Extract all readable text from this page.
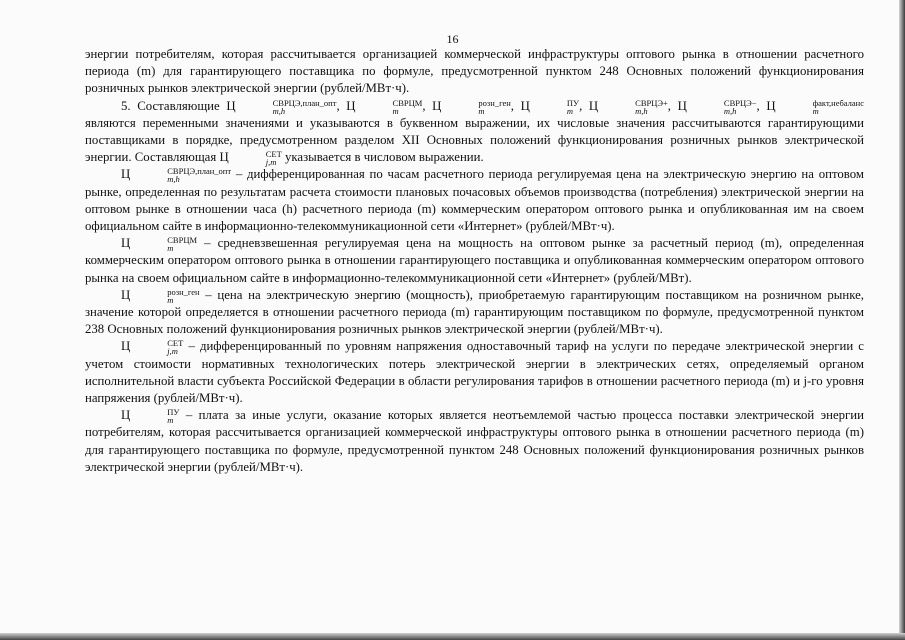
16

энергии потребителям, которая рассчитывается организацией коммерческой инфраструктуры оптового рынка в отношении расчетного периода (m) для гарантирующего поставщика по формуле, предусмотренной пунктом 248 Основных положений функционирования розничных рынков электрической энергии (рублей/МВт·ч).

5. Составляющие Ц	СВРЦЭ,план_опт
m,h	, Ц	СВРЦМ
m	, Ц	розн_ген
m	, Ц	ПУ
m , Ц	СВРЦЭ+
m,h	, Ц	СВРЦЭ−
m,h	, Ц	факт,небаланс
m
являются переменными значениями и указываются в буквенном выражении, их числовые значения рассчитываются гарантирующими поставщиками в порядке, предусмотренном разделом XII Основных положений функционирования розничных рынков электрической энергии. Составляющая Ц	СЕТ
j,m указывается в числовом выражении.

Ц	СВРЦЭ,план_опт
m,h	– дифференцированная по часам расчетного периода регулируемая цена на электрическую энергию на оптовом рынке, определенная по результатам расчета стоимости плановых почасовых объемов производства (потребления) электрической энергии на оптовом рынке в отношении часа (h) расчетного периода (m) коммерческим оператором оптового рынка и опубликованная им на своем официальном сайте в информационно-телекоммуникационной сети «Интернет» (рублей/МВт·ч).

Ц	СВРЦМ
m	– средневзвешенная регулируемая цена на мощность на оптовом рынке за расчетный период (m), определенная коммерческим оператором оптового рынка в отношении гарантирующего поставщика и опубликованная коммерческим оператором оптового рынка на своем официальном сайте в информационно-телекоммуникационной сети «Интернет» (рублей/МВт).

Ц	розн_ген
m	– цена на электрическую энергию (мощность), приобретаемую гарантирующим поставщиком на розничном рынке, значение которой определяется в отношении расчетного периода (m) гарантирующим поставщиком по формуле, предусмотренной пунктом 238 Основных положений функционирования розничных рынков электрической энергии (рублей/МВт·ч).

Ц	СЕТ
j,m – дифференцированный по уровням напряжения одноставочный тариф на услуги по передаче электрической энергии с учетом стоимости нормативных технологических потерь электрической энергии в электрических сетях, определяемый органом исполнительной власти субъекта Российской Федерации в области регулирования тарифов в отношении расчетного периода (m) и j-го уровня напряжения (рублей/МВт·ч).

Ц	ПУ
m – плата за иные услуги, оказание которых является неотъемлемой частью процесса поставки электрической энергии потребителям, которая рассчитывается организацией коммерческой инфраструктуры оптового рынка в отношении расчетного периода (m) для гарантирующего поставщика по формуле, предусмотренной пунктом 248 Основных положений функционирования розничных рынков электрической энергии (рублей/МВт·ч).
